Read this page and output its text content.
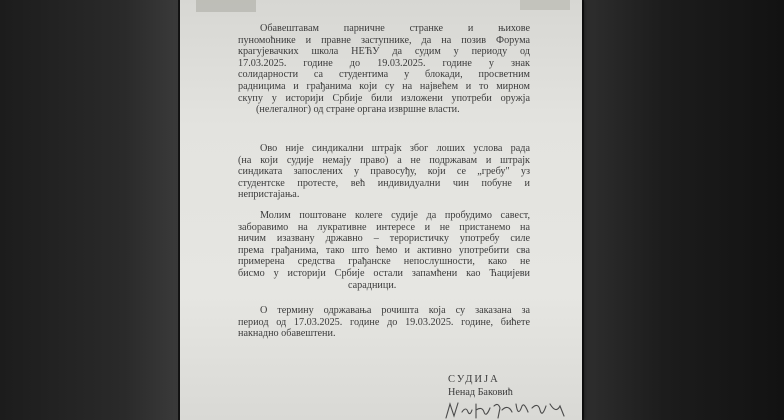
Обавештавам парничне странке и њихове
пуномоћнике и правне заступнике, да на позив Форума
крагујевачких школа НЕЋУ да судим у периоду од
17.03.2025. године до 19.03.2025. године у знак
солидарности са студентима у блокади, просветним
радницима и грађанима који су на највећем и то мирном
скупу у историји Србије били изложени употреби оружја
(нелегалног) од стране органа извршне власти.
Ово није синдикални штрајк због лоших услова рада
(на који судије немају право) а не подржавам и штрајк
синдиката запослених у правосуђу, који се „гребу" уз
студентске протесте, већ индивидуални чин побуне и
непристајања.
Молим поштоване колеге судије да пробудимо савест,
заборавимо на лукративне интересе и не пристанемо на
ничим изазвану државно – терористичку употребу силе
према грађанима, тако што ћемо и активно употребити сва
примерена средства грађанске непослушности, како не
бисмо у историји Србије остали запамћени као Ћацијеви
сарадници.
О термину одржавања рочишта која су заказана за
период од 17.03.2025. године до 19.03.2025. године, бићете
накнадно обавештени.
СУДИЈА
Ненад Баковић
